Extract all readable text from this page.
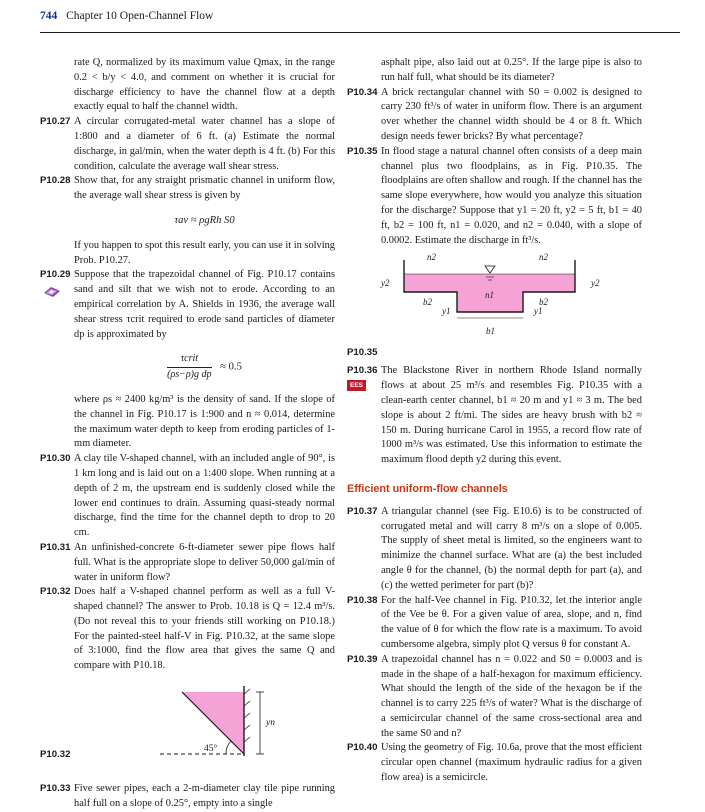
744 Chapter 10 Open-Channel Flow

rate Q, normalized by its maximum value Qmax, in the range 0.2 < b/y < 4.0, and comment on whether it is crucial for discharge efficiency to have the channel flow at a depth exactly equal to half the channel width.

P10.27 A circular corrugated-metal water channel has a slope of 1:800 and a diameter of 6 ft. (a) Estimate the normal discharge, in gal/min, when the water depth is 4 ft. (b) For this condition, calculate the average wall shear stress.

P10.28 Show that, for any straight prismatic channel in uniform flow, the average wall shear stress is given by

τav ≈ ρgRh S0

If you happen to spot this result early, you can use it in solving Prob. P10.27.

P10.29 Suppose that the trapezoidal channel of Fig. P10.17 contains sand and silt that we wish not to erode. According to an empirical correlation by A. Shields in 1936, the average wall shear stress τcrit required to erode sand particles of diameter dp is approximated by

$\frac{\text{τcrit}}{\text{(ρs−ρ)g dp}} \approx 0.5$

where ρs ≈ 2400 kg/m³ is the density of sand. If the slope of the channel in Fig. P10.17 is 1:900 and n ≈ 0.014, determine the maximum water depth to keep from eroding particles of 1-mm diameter.

P10.30 A clay tile V-shaped channel, with an included angle of 90°, is 1 km long and is laid out on a 1:400 slope. When running at a depth of 2 m, the upstream end is suddenly closed while the lower end continues to drain. Assuming quasi-steady normal discharge, find the time for the channel depth to drop to 20 cm.

P10.31 An unfinished-concrete 6-ft-diameter sewer pipe flows half full. What is the appropriate slope to deliver 50,000 gal/min of water in uniform flow?

P10.32 Does half a V-shaped channel perform as well as a full V-shaped channel? The answer to Prob. 10.18 is Q = 12.4 m³/s. (Do not reveal this to your friends still working on P10.18.) For the painted-steel half-V in Fig. P10.32, at the same slope of 3:1000, find the flow area that gives the same Q and compare with P10.18.

P10.32	45°
yn

P10.33 Five sewer pipes, each a 2-m-diameter clay tile pipe running half full on a slope of 0.25°, empty into a single

asphalt pipe, also laid out at 0.25°. If the large pipe is also to run half full, what should be its diameter?

P10.34 A brick rectangular channel with S0 = 0.002 is designed to carry 230 ft³/s of water in uniform flow. There is an argument over whether the channel width should be 4 or 8 ft. Which design needs fewer bricks? By what percentage?

P10.35 In flood stage a natural channel often consists of a deep main channel plus two floodplains, as in Fig. P10.35. The floodplains are often shallow and rough. If the channel has the same slope everywhere, how would you analyze this situation for the discharge? Suppose that y1 = 20 ft, y2 = 5 ft, b1 = 40 ft, b2 = 100 ft, n1 = 0.020, and n2 = 0.040, with a slope of 0.0002. Estimate the discharge in ft³/s.

n2	n2
y2	y2
n1
b2	b2
y1	y1
b1
P10.35

P10.36
EES
The Blackstone River in northern Rhode Island normally flows at about 25 m³/s and resembles Fig. P10.35 with a clean-earth center channel, b1 ≈ 20 m and y1 ≈ 3 m. The bed slope is about 2 ft/mi. The sides are heavy brush with b2 ≈ 150 m. During hurricane Carol in 1955, a record flow rate of 1000 m³/s was estimated. Use this information to estimate the maximum flood depth y2 during this event.

Efficient uniform-flow channels

P10.37 A triangular channel (see Fig. E10.6) is to be constructed of corrugated metal and will carry 8 m³/s on a slope of 0.005. The supply of sheet metal is limited, so the engineers want to minimize the channel surface. What are (a) the best included angle θ for the channel, (b) the normal depth for part (a), and (c) the wetted perimeter for part (b)?

P10.38 For the half-Vee channel in Fig. P10.32, let the interior angle of the Vee be θ. For a given value of area, slope, and n, find the value of θ for which the flow rate is a maximum. To avoid cumbersome algebra, simply plot Q versus θ for constant A.

P10.39 A trapezoidal channel has n = 0.022 and S0 = 0.0003 and is made in the shape of a half-hexagon for maximum efficiency. What should the length of the side of the hexagon be if the channel is to carry 225 ft³/s of water? What is the discharge of a semicircular channel of the same cross-sectional area and the same S0 and n?

P10.40 Using the geometry of Fig. 10.6a, prove that the most efficient circular open channel (maximum hydraulic radius for a given flow area) is a semicircle.
